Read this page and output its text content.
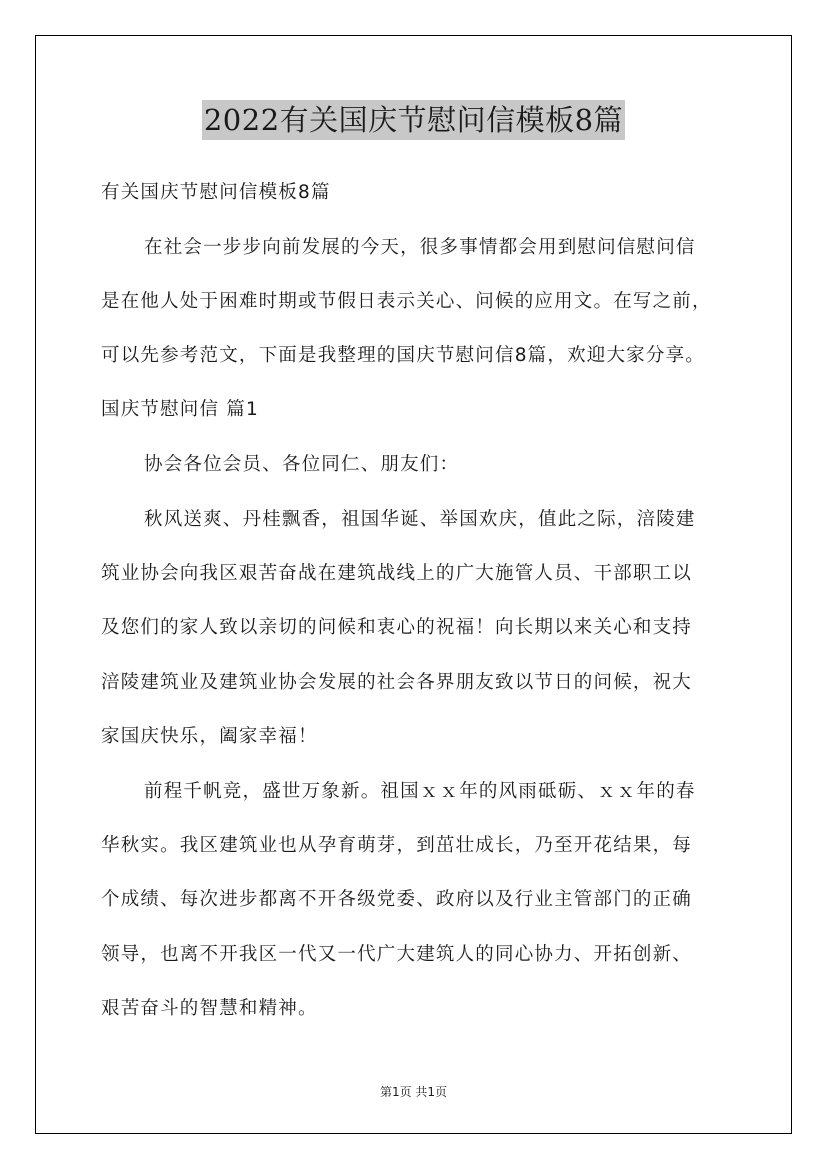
2022有关国庆节慰问信模板8篇
有关国庆节慰问信模板8篇
在社会一步步向前发展的今天，很多事情都会用到慰问信慰问信
是在他人处于困难时期或节假日表示关心、问候的应用文。在写之前，
可以先参考范文，下面是我整理的国庆节慰问信8篇，欢迎大家分享。
国庆节慰问信 篇1
协会各位会员、各位同仁、朋友们：
秋风送爽、丹桂飘香，祖国华诞、举国欢庆，值此之际，涪陵建
筑业协会向我区艰苦奋战在建筑战线上的广大施管人员、干部职工以
及您们的家人致以亲切的问候和衷心的祝福！向长期以来关心和支持
涪陵建筑业及建筑业协会发展的社会各界朋友致以节日的问候，祝大
家国庆快乐，阖家幸福！
前程千帆竞，盛世万象新。祖国ｘｘ年的风雨砥砺、ｘｘ年的春
华秋实。我区建筑业也从孕育萌芽，到茁壮成长，乃至开花结果，每
个成绩、每次进步都离不开各级党委、政府以及行业主管部门的正确
领导，也离不开我区一代又一代广大建筑人的同心协力、开拓创新、
艰苦奋斗的智慧和精神。
第1页 共1页
